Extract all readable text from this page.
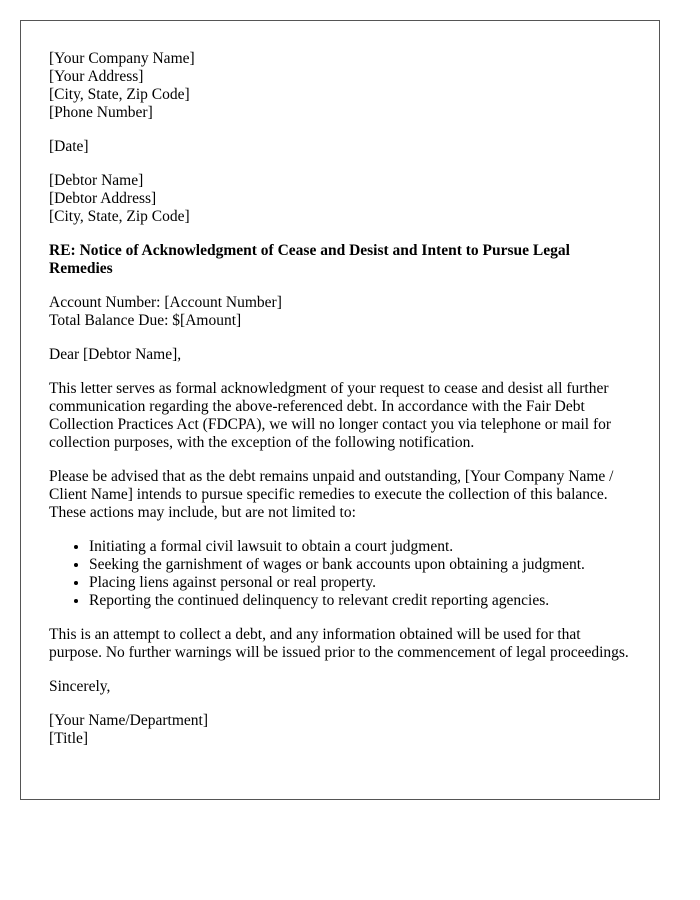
[Your Company Name]
[Your Address]
[City, State, Zip Code]
[Phone Number]
[Date]
[Debtor Name]
[Debtor Address]
[City, State, Zip Code]
RE: Notice of Acknowledgment of Cease and Desist and Intent to Pursue Legal Remedies
Account Number: [Account Number]
Total Balance Due: $[Amount]

Dear [Debtor Name],

This letter serves as formal acknowledgment of your request to cease and desist all further communication regarding the above-referenced debt. In accordance with the Fair Debt Collection Practices Act (FDCPA), we will no longer contact you via telephone or mail for collection purposes, with the exception of the following notification.

Please be advised that as the debt remains unpaid and outstanding, [Your Company Name / Client Name] intends to pursue specific remedies to execute the collection of this balance. These actions may include, but are not limited to:

• Initiating a formal civil lawsuit to obtain a court judgment.
• Seeking the garnishment of wages or bank accounts upon obtaining a judgment.
• Placing liens against personal or real property.
• Reporting the continued delinquency to relevant credit reporting agencies.

This is an attempt to collect a debt, and any information obtained will be used for that purpose. No further warnings will be issued prior to the commencement of legal proceedings.

Sincerely,

[Your Name/Department]
[Title]
